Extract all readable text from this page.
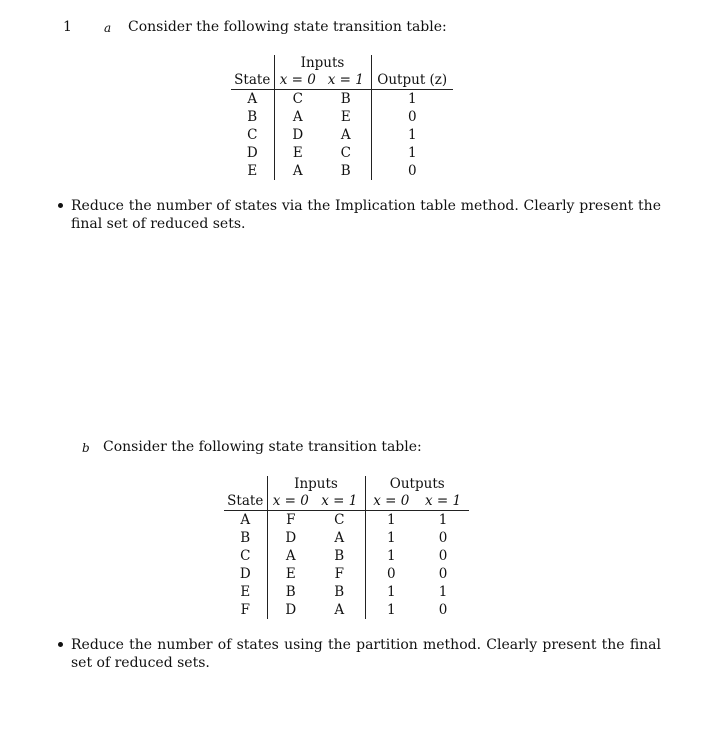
1	a Consider the following state transition table:
	Inputs		
State	x = 0	x = 1	Output (z)
A	C	B	1
B	A	E	0
C	D	A	1
D	E	C	1
E	A	B	0
Reduce the number of states via the Implication table method. Clearly present the final set of reduced sets.
b Consider the following state transition table:
	Inputs		Outputs	
State	x = 0	x = 1	x = 0	x = 1
A	F	C	1	1
B	D	A	1	0
C	A	B	1	0
D	E	F	0	0
E	B	B	1	1
F	D	A	1	0
Reduce the number of states using the partition method. Clearly present the final set of reduced sets.
